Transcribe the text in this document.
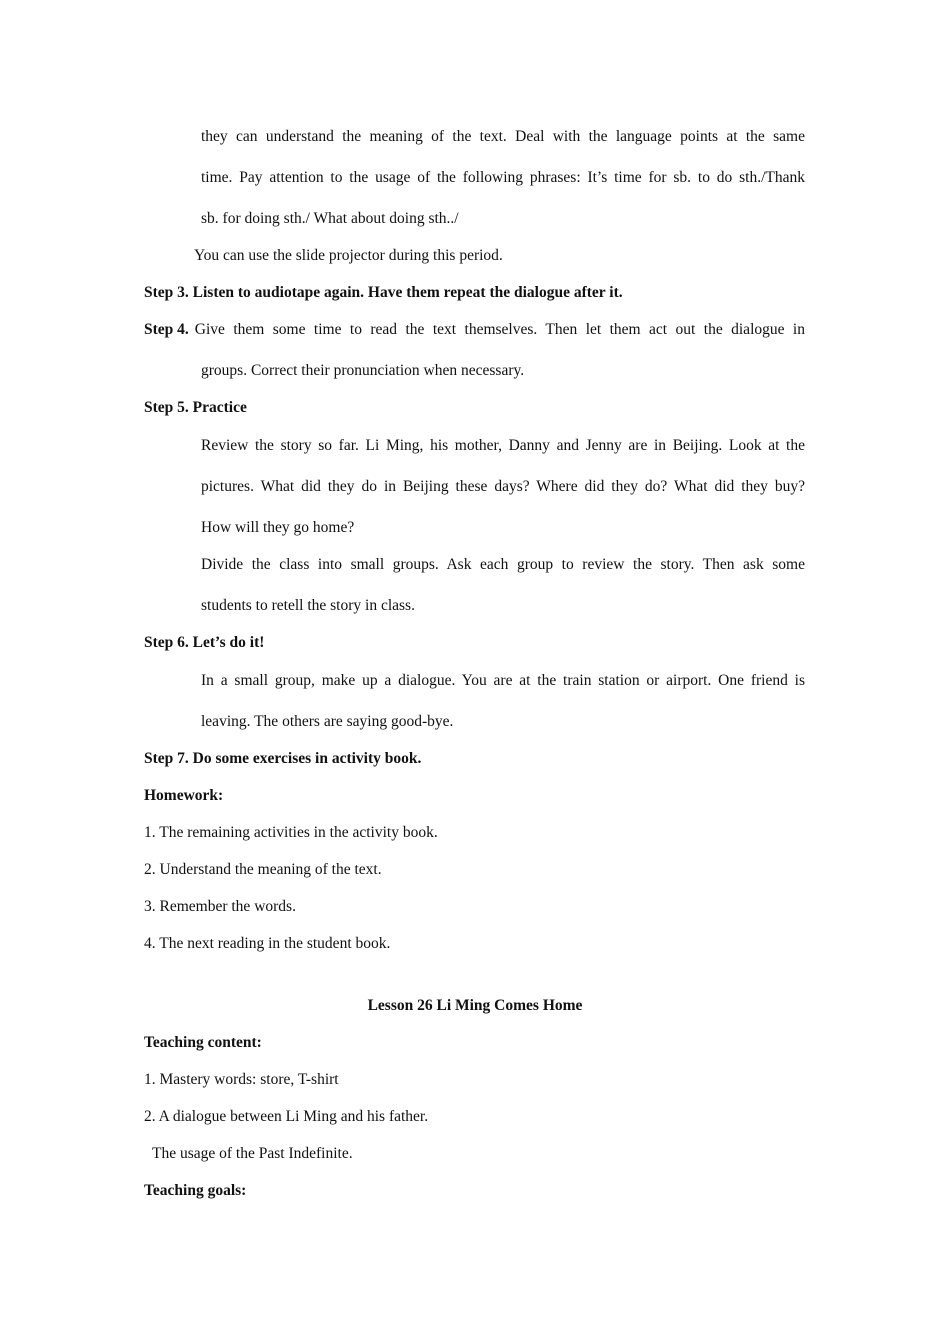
they can understand the meaning of the text. Deal with the language points at the same
time. Pay attention to the usage of the following phrases: It’s time for sb. to do sth./Thank
sb. for doing sth./ What about doing sth../
You can use the slide projector during this period.
Step 3. Listen to audiotape again. Have them repeat the dialogue after it.
Step 4. Give them some time to read the text themselves. Then let them act out the dialogue in
groups. Correct their pronunciation when necessary.
Step 5. Practice
Review the story so far. Li Ming, his mother, Danny and Jenny are in Beijing. Look at the
pictures. What did they do in Beijing these days? Where did they do? What did they buy?
How will they go home?
Divide the class into small groups. Ask each group to review the story. Then ask some
students to retell the story in class.
Step 6. Let’s do it!
In a small group, make up a dialogue. You are at the train station or airport. One friend is
leaving. The others are saying good-bye.
Step 7. Do some exercises in activity book.
Homework:
1. The remaining activities in the activity book.
2. Understand the meaning of the text.
3. Remember the words.
4. The next reading in the student book.
Lesson 26 Li Ming Comes Home
Teaching content:
1. Mastery words: store, T-shirt
2. A dialogue between Li Ming and his father.
The usage of the Past Indefinite.
Teaching goals:
